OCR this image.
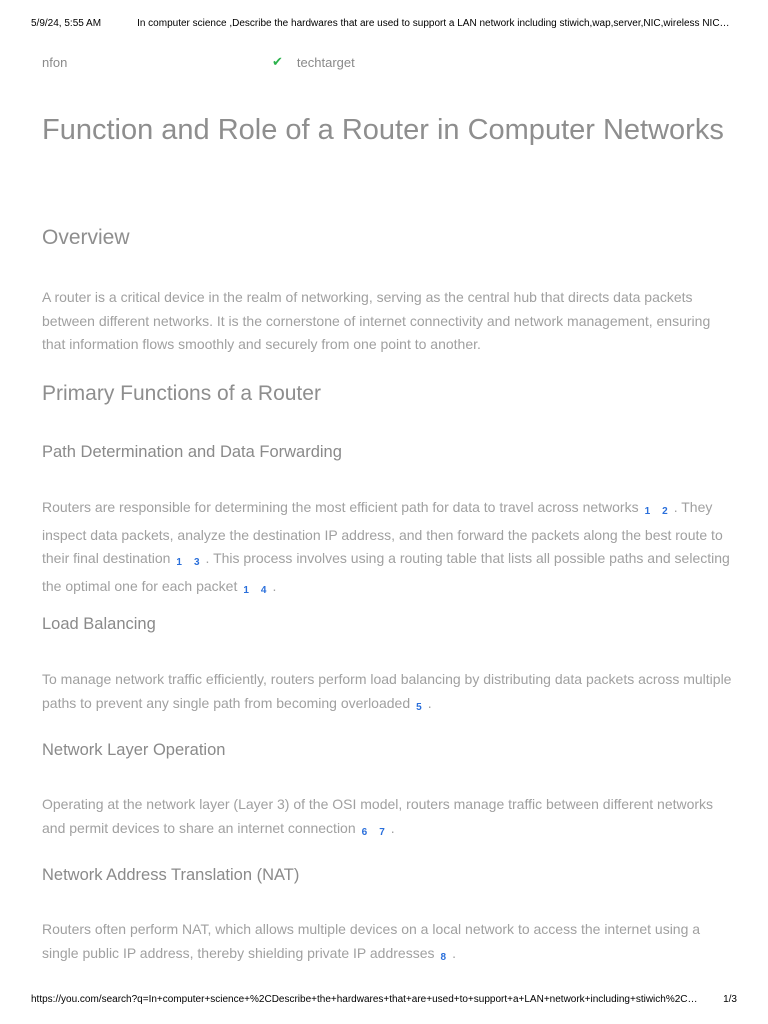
5/9/24, 5:55 AM	In computer science ,Describe the hardwares that are used to support a LAN network including stiwich,wap,server,NIC,wireless NIC…
nfon	✔ techtarget
Function and Role of a Router in Computer Networks
Overview

A router is a critical device in the realm of networking, serving as the central hub that directs data packets between different networks. It is the cornerstone of internet connectivity and network management, ensuring that information flows smoothly and securely from one point to another.

Primary Functions of a Router
Path Determination and Data Forwarding

Routers are responsible for determining the most efficient path for data to travel across networks 1 2 . They inspect data packets, analyze the destination IP address, and then forward the packets along the best route to their final destination 1 3 . This process involves using a routing table that lists all possible paths and selecting the optimal one for each packet 1 4 .

Load Balancing

To manage network traffic efficiently, routers perform load balancing by distributing data packets across multiple paths to prevent any single path from becoming overloaded 5 .

Network Layer Operation

Operating at the network layer (Layer 3) of the OSI model, routers manage traffic between different networks and permit devices to share an internet connection 6 7 .

Network Address Translation (NAT)

Routers often perform NAT, which allows multiple devices on a local network to access the internet using a single public IP address, thereby shielding private IP addresses 8 .

https://you.com/search?q=In+computer+science+%2CDescribe+the+hardwares+that+are+used+to+support+a+LAN+network+including+stiwich%2C…	1/3
